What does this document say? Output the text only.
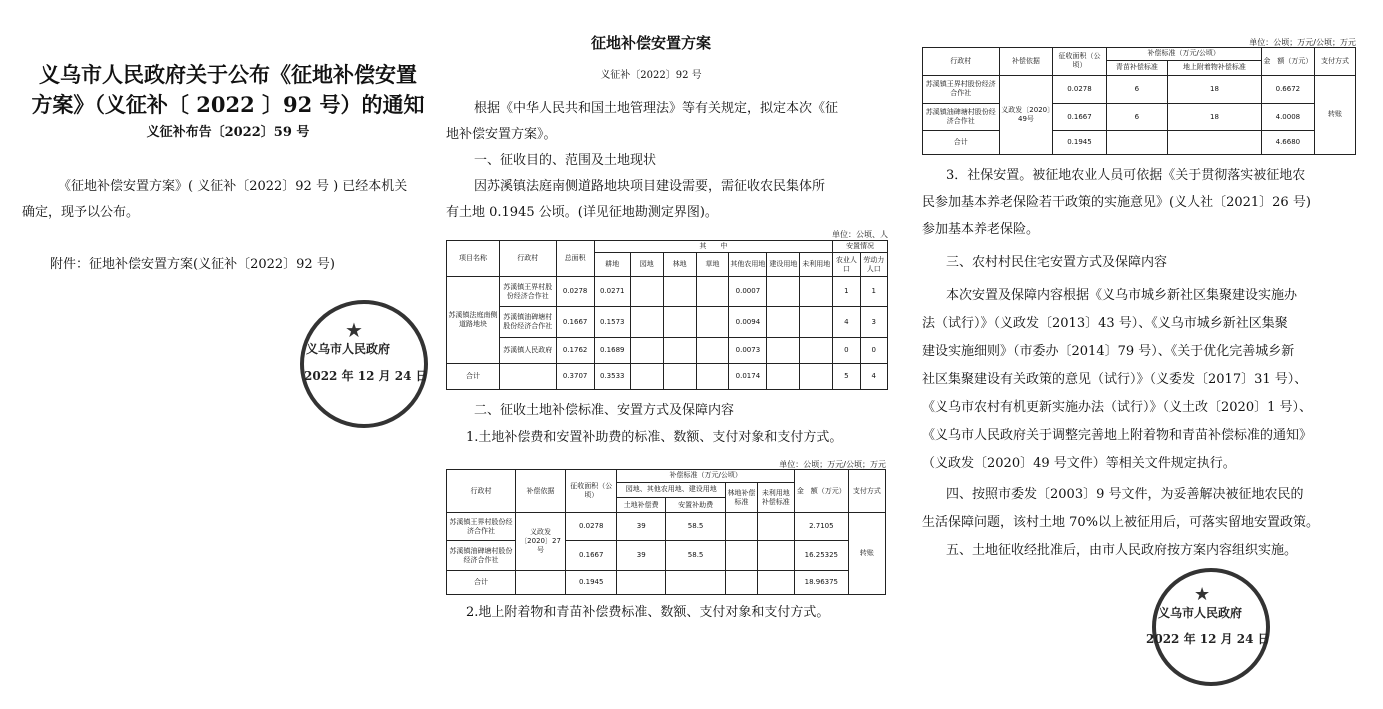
义乌市人民政府关于公布《征地补偿安置
方案》（义征补〔 2022 〕92 号）的通知
义征补布告〔2022〕59 号
《征地补偿安置方案》( 义征补〔2022〕92 号 ) 已经本机关
确定，现予以公布。
附件：征地补偿安置方案(义征补〔2022〕92 号)
★
义乌市人民政府
2022 年 12 月 24 日
征地补偿安置方案
义征补〔2022〕92 号
根据《中华人民共和国土地管理法》等有关规定，拟定本次《征
地补偿安置方案》。
一、征收目的、范围及土地现状
因苏溪镇法庭南侧道路地块项目建设需要，需征收农民集体所
有土地 0.1945 公顷。(详见征地勘测定界图)。
单位：公顷、人
项目名称	行政村	总面积	其　　中							安置情况	
			耕地	园地	林地	草地	其他农用地	建设用地	未利用地	农业人口	劳动力人口
苏溪镇法庭南侧道路地块	苏溪镇王界村股份经济合作社	0.0278	0.0271				0.0007			1	1
	苏溪镇油碑塘村股份经济合作社	0.1667	0.1573				0.0094			4	3
	苏溪镇人民政府	0.1762	0.1689				0.0073			0	0
合计		0.3707	0.3533				0.0174			5	4
二、征收土地补偿标准、安置方式及保障内容
1.土地补偿费和安置补助费的标准、数额、支付对象和支付方式。
单位：公顷；万元/公顷；万元
行政村	补偿依据	征收面积（公顷）	补偿标准（万元/公顷）				金　额（万元）	支付方式
			园地、其他农用地、建设用地		林地补偿标准	未利用地补偿标准		
			土地补偿费	安置补助费				
苏溪镇王界村股份经济合作社	义政发〔2020〕27号	0.0278	39	58.5			2.7105	转账
苏溪镇油碑塘村股份经济合作社		0.1667	39	58.5			16.25325	
合计		0.1945					18.96375	
2.地上附着物和青苗补偿费标准、数额、支付对象和支付方式。
单位：公顷；万元/公顷；万元
行政村	补偿依据	征收面积（公顷）	补偿标准（万元/公顷）		金　额（万元）	支付方式
			青苗补偿标准	地上附着物补偿标准		
苏溪镇王界村股份经济合作社	义政发〔2020〕49号	0.0278	6	18	0.6672	转账
苏溪镇油碑塘村股份经济合作社		0.1667	6	18	4.0008	
合计		0.1945			4.6680	
3．社保安置。被征地农业人员可依据《关于贯彻落实被征地农
民参加基本养老保险若干政策的实施意见》(义人社〔2021〕26 号)
参加基本养老保险。
三、农村村民住宅安置方式及保障内容
本次安置及保障内容根据《义乌市城乡新社区集聚建设实施办
法（试行）》（义政发〔2013〕43 号）、《义乌市城乡新社区集聚
建设实施细则》（市委办〔2014〕79 号）、《关于优化完善城乡新
社区集聚建设有关政策的意见（试行）》（义委发〔2017〕31 号）、
《义乌市农村有机更新实施办法（试行）》（义土改〔2020〕1 号）、
《义乌市人民政府关于调整完善地上附着物和青苗补偿标准的通知》
（义政发〔2020〕49 号文件）等相关文件规定执行。
四、按照市委发〔2003〕9 号文件，为妥善解决被征地农民的
生活保障问题，该村土地 70%以上被征用后，可落实留地安置政策。
五、土地征收经批准后，由市人民政府按方案内容组织实施。
★
义乌市人民政府
2022 年 12 月 24 日
